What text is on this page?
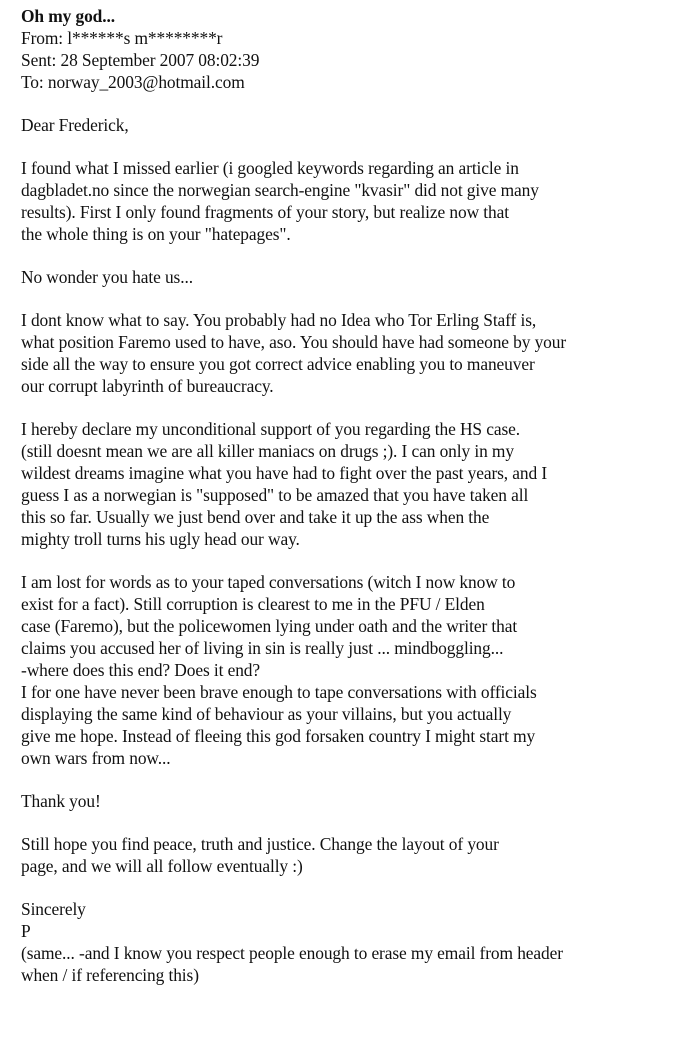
Oh my god...
From: l******s m********r
Sent: 28 September 2007 08:02:39
To: norway_2003@hotmail.com
Dear Frederick,
I found what I missed earlier (i googled keywords regarding an article in
dagbladet.no since the norwegian search-engine "kvasir" did not give many
results). First I only found fragments of your story, but realize now that
the whole thing is on your "hatepages".
No wonder you hate us...
I dont know what to say. You probably had no Idea who Tor Erling Staff is,
what position Faremo used to have, aso. You should have had someone by your
side all the way to ensure you got correct advice enabling you to maneuver
our corrupt labyrinth of bureaucracy.
I hereby declare my unconditional support of you regarding the HS case.
(still doesnt mean we are all killer maniacs on drugs ;). I can only in my
wildest dreams imagine what you have had to fight over the past years, and I
guess I as a norwegian is "supposed" to be amazed that you have taken all
this so far. Usually we just bend over and take it up the ass when the
mighty troll turns his ugly head our way.
I am lost for words as to your taped conversations (witch I now know to
exist for a fact). Still corruption is clearest to me in the PFU / Elden
case (Faremo), but the policewomen lying under oath and the writer that
claims you accused her of living in sin is really just ... mindboggling...
-where does this end? Does it end?
I for one have never been brave enough to tape conversations with officials
displaying the same kind of behaviour as your villains, but you actually
give me hope. Instead of fleeing this god forsaken country I might start my
own wars from now...
Thank you!
Still hope you find peace, truth and justice. Change the layout of your
page, and we will all follow eventually :)
Sincerely
P
(same... -and I know you respect people enough to erase my email from header
when / if referencing this)
